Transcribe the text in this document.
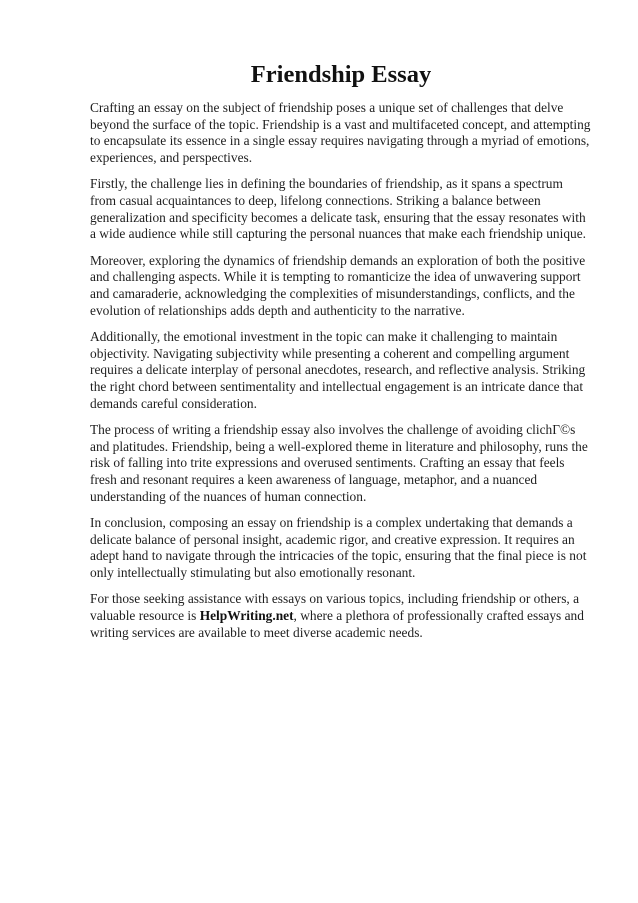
Friendship Essay

Crafting an essay on the subject of friendship poses a unique set of challenges that delve beyond the surface of the topic. Friendship is a vast and multifaceted concept, and attempting to encapsulate its essence in a single essay requires navigating through a myriad of emotions, experiences, and perspectives.

Firstly, the challenge lies in defining the boundaries of friendship, as it spans a spectrum from casual acquaintances to deep, lifelong connections. Striking a balance between generalization and specificity becomes a delicate task, ensuring that the essay resonates with a wide audience while still capturing the personal nuances that make each friendship unique.

Moreover, exploring the dynamics of friendship demands an exploration of both the positive and challenging aspects. While it is tempting to romanticize the idea of unwavering support and camaraderie, acknowledging the complexities of misunderstandings, conflicts, and the evolution of relationships adds depth and authenticity to the narrative.

Additionally, the emotional investment in the topic can make it challenging to maintain objectivity. Navigating subjectivity while presenting a coherent and compelling argument requires a delicate interplay of personal anecdotes, research, and reflective analysis. Striking the right chord between sentimentality and intellectual engagement is an intricate dance that demands careful consideration.

The process of writing a friendship essay also involves the challenge of avoiding clichΓ©s and platitudes. Friendship, being a well-explored theme in literature and philosophy, runs the risk of falling into trite expressions and overused sentiments. Crafting an essay that feels fresh and resonant requires a keen awareness of language, metaphor, and a nuanced understanding of the nuances of human connection.

In conclusion, composing an essay on friendship is a complex undertaking that demands a delicate balance of personal insight, academic rigor, and creative expression. It requires an adept hand to navigate through the intricacies of the topic, ensuring that the final piece is not only intellectually stimulating but also emotionally resonant.

For those seeking assistance with essays on various topics, including friendship or others, a valuable resource is HelpWriting.net, where a plethora of professionally crafted essays and writing services are available to meet diverse academic needs.
